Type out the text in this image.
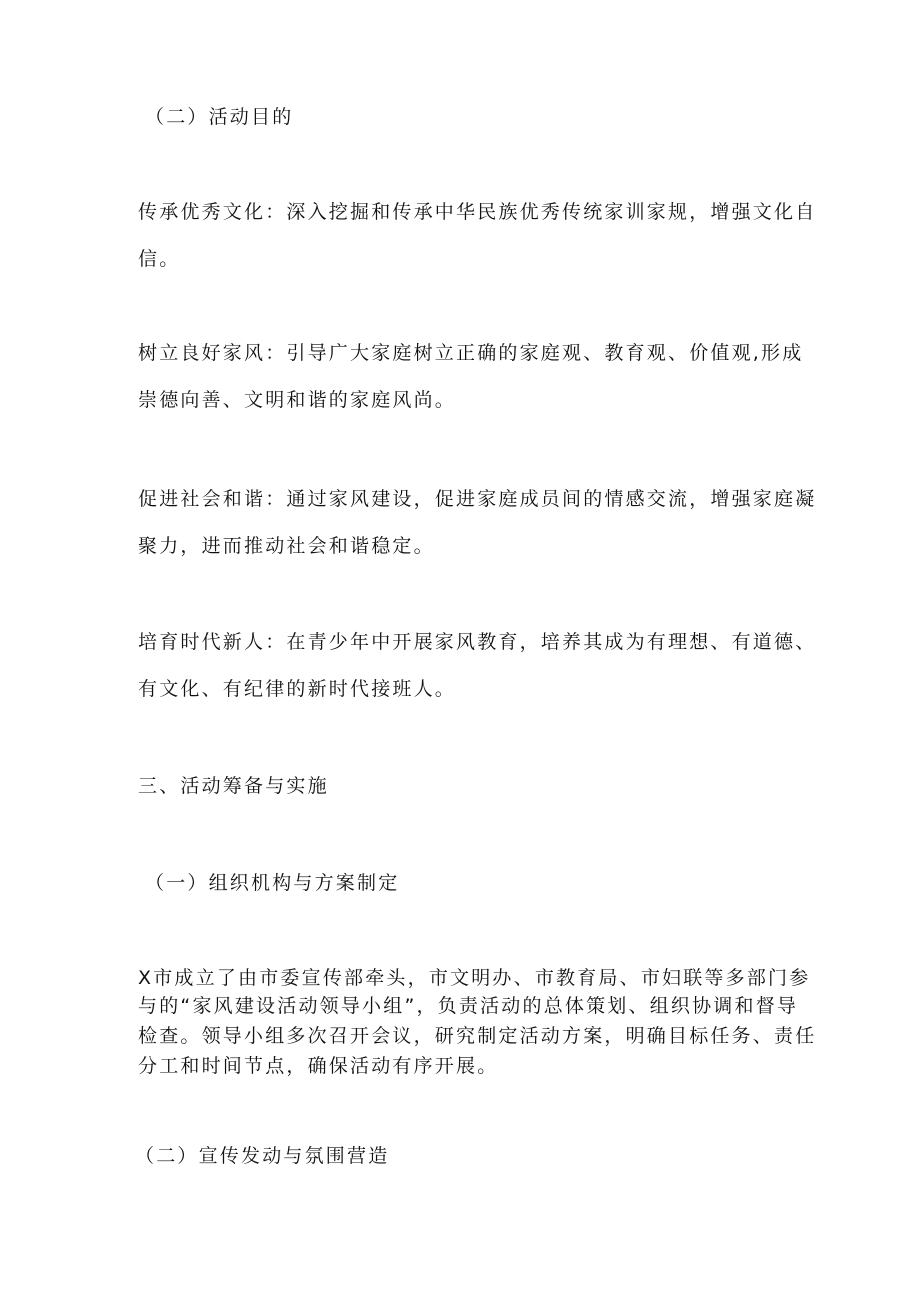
（二）活动目的
传承优秀文化：深入挖掘和传承中华民族优秀传统家训家规，增强文化自
信。
树立良好家风：引导广大家庭树立正确的家庭观、教育观、价值观,形成
崇德向善、文明和谐的家庭风尚。
促进社会和谐：通过家风建设，促进家庭成员间的情感交流，增强家庭凝
聚力，进而推动社会和谐稳定。
培育时代新人：在青少年中开展家风教育，培养其成为有理想、有道德、
有文化、有纪律的新时代接班人。
三、活动筹备与实施
（一）组织机构与方案制定
X市成立了由市委宣传部牵头，市文明办、市教育局、市妇联等多部门参
与的“家风建设活动领导小组”，负责活动的总体策划、组织协调和督导
检查。领导小组多次召开会议，研究制定活动方案，明确目标任务、责任
分工和时间节点，确保活动有序开展。
（二）宣传发动与氛围营造
